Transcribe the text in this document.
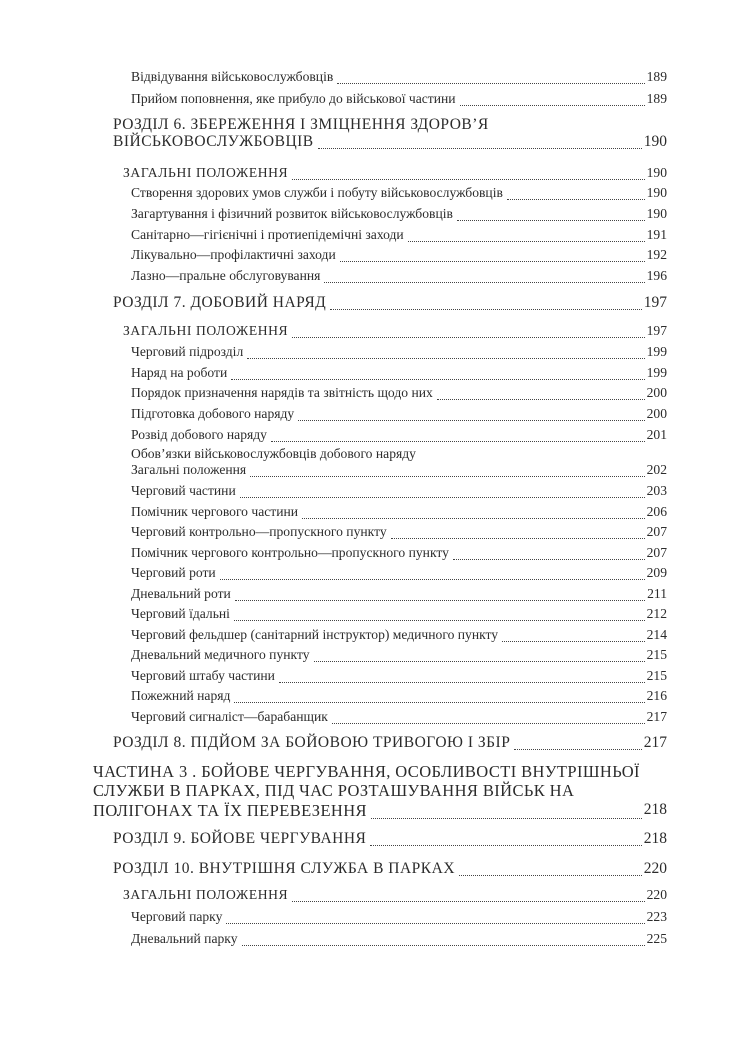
Відвідування військовослужбовців	189
Прийом поповнення, яке прибуло до військової частини	189
РОЗДІЛ 6. ЗБЕРЕЖЕННЯ І ЗМІЦНЕННЯ ЗДОРОВ’Я
ВІЙСЬКОВОСЛУЖБОВЦІВ	190
ЗАГАЛЬНІ ПОЛОЖЕННЯ	190
Створення здорових умов служби і побуту військовослужбовців	190
Загартування і фізичний розвиток військовослужбовців	190
Санітарно—гігієнічні і протиепідемічні заходи	191
Лікувально—профілактичні заходи	192
Лазно—пральне обслуговування	196
РОЗДІЛ 7. ДОБОВИЙ НАРЯД	197
ЗАГАЛЬНІ ПОЛОЖЕННЯ	197
Черговий підрозділ	199
Наряд на роботи	199
Порядок призначення нарядів та звітність щодо них	200
Підготовка добового наряду	200
Розвід добового наряду	201
Обов’язки військовослужбовців добового наряду
Загальні положення	202
Черговий частини	203
Помічник чергового частини	206
Черговий контрольно—пропускного пункту	207
Помічник чергового контрольно—пропускного пункту	207
Черговий роти	209
Дневальний роти	211
Черговий їдальні	212
Черговий фельдшер (санітарний інструктор) медичного пункту	214
Дневальний медичного пункту	215
Черговий штабу частини	215
Пожежний наряд	216
Черговий сигналіст—барабанщик	217
РОЗДІЛ 8. ПІДЙОМ ЗА БОЙОВОЮ ТРИВОГОЮ І ЗБІР	217
ЧАСТИНА 3 . БОЙОВЕ ЧЕРГУВАННЯ, ОСОБЛИВОСТІ ВНУТРІШНЬОЇ
СЛУЖБИ В ПАРКАХ, ПІД ЧАС РОЗТАШУВАННЯ ВІЙСЬК НА
ПОЛІГОНАХ ТА ЇХ ПЕРЕВЕЗЕННЯ	218
РОЗДІЛ 9. БОЙОВЕ ЧЕРГУВАННЯ	218
РОЗДІЛ 10. ВНУТРІШНЯ СЛУЖБА В ПАРКАХ	220
ЗАГАЛЬНІ ПОЛОЖЕННЯ	220
Черговий парку	223
Дневальний парку	225
